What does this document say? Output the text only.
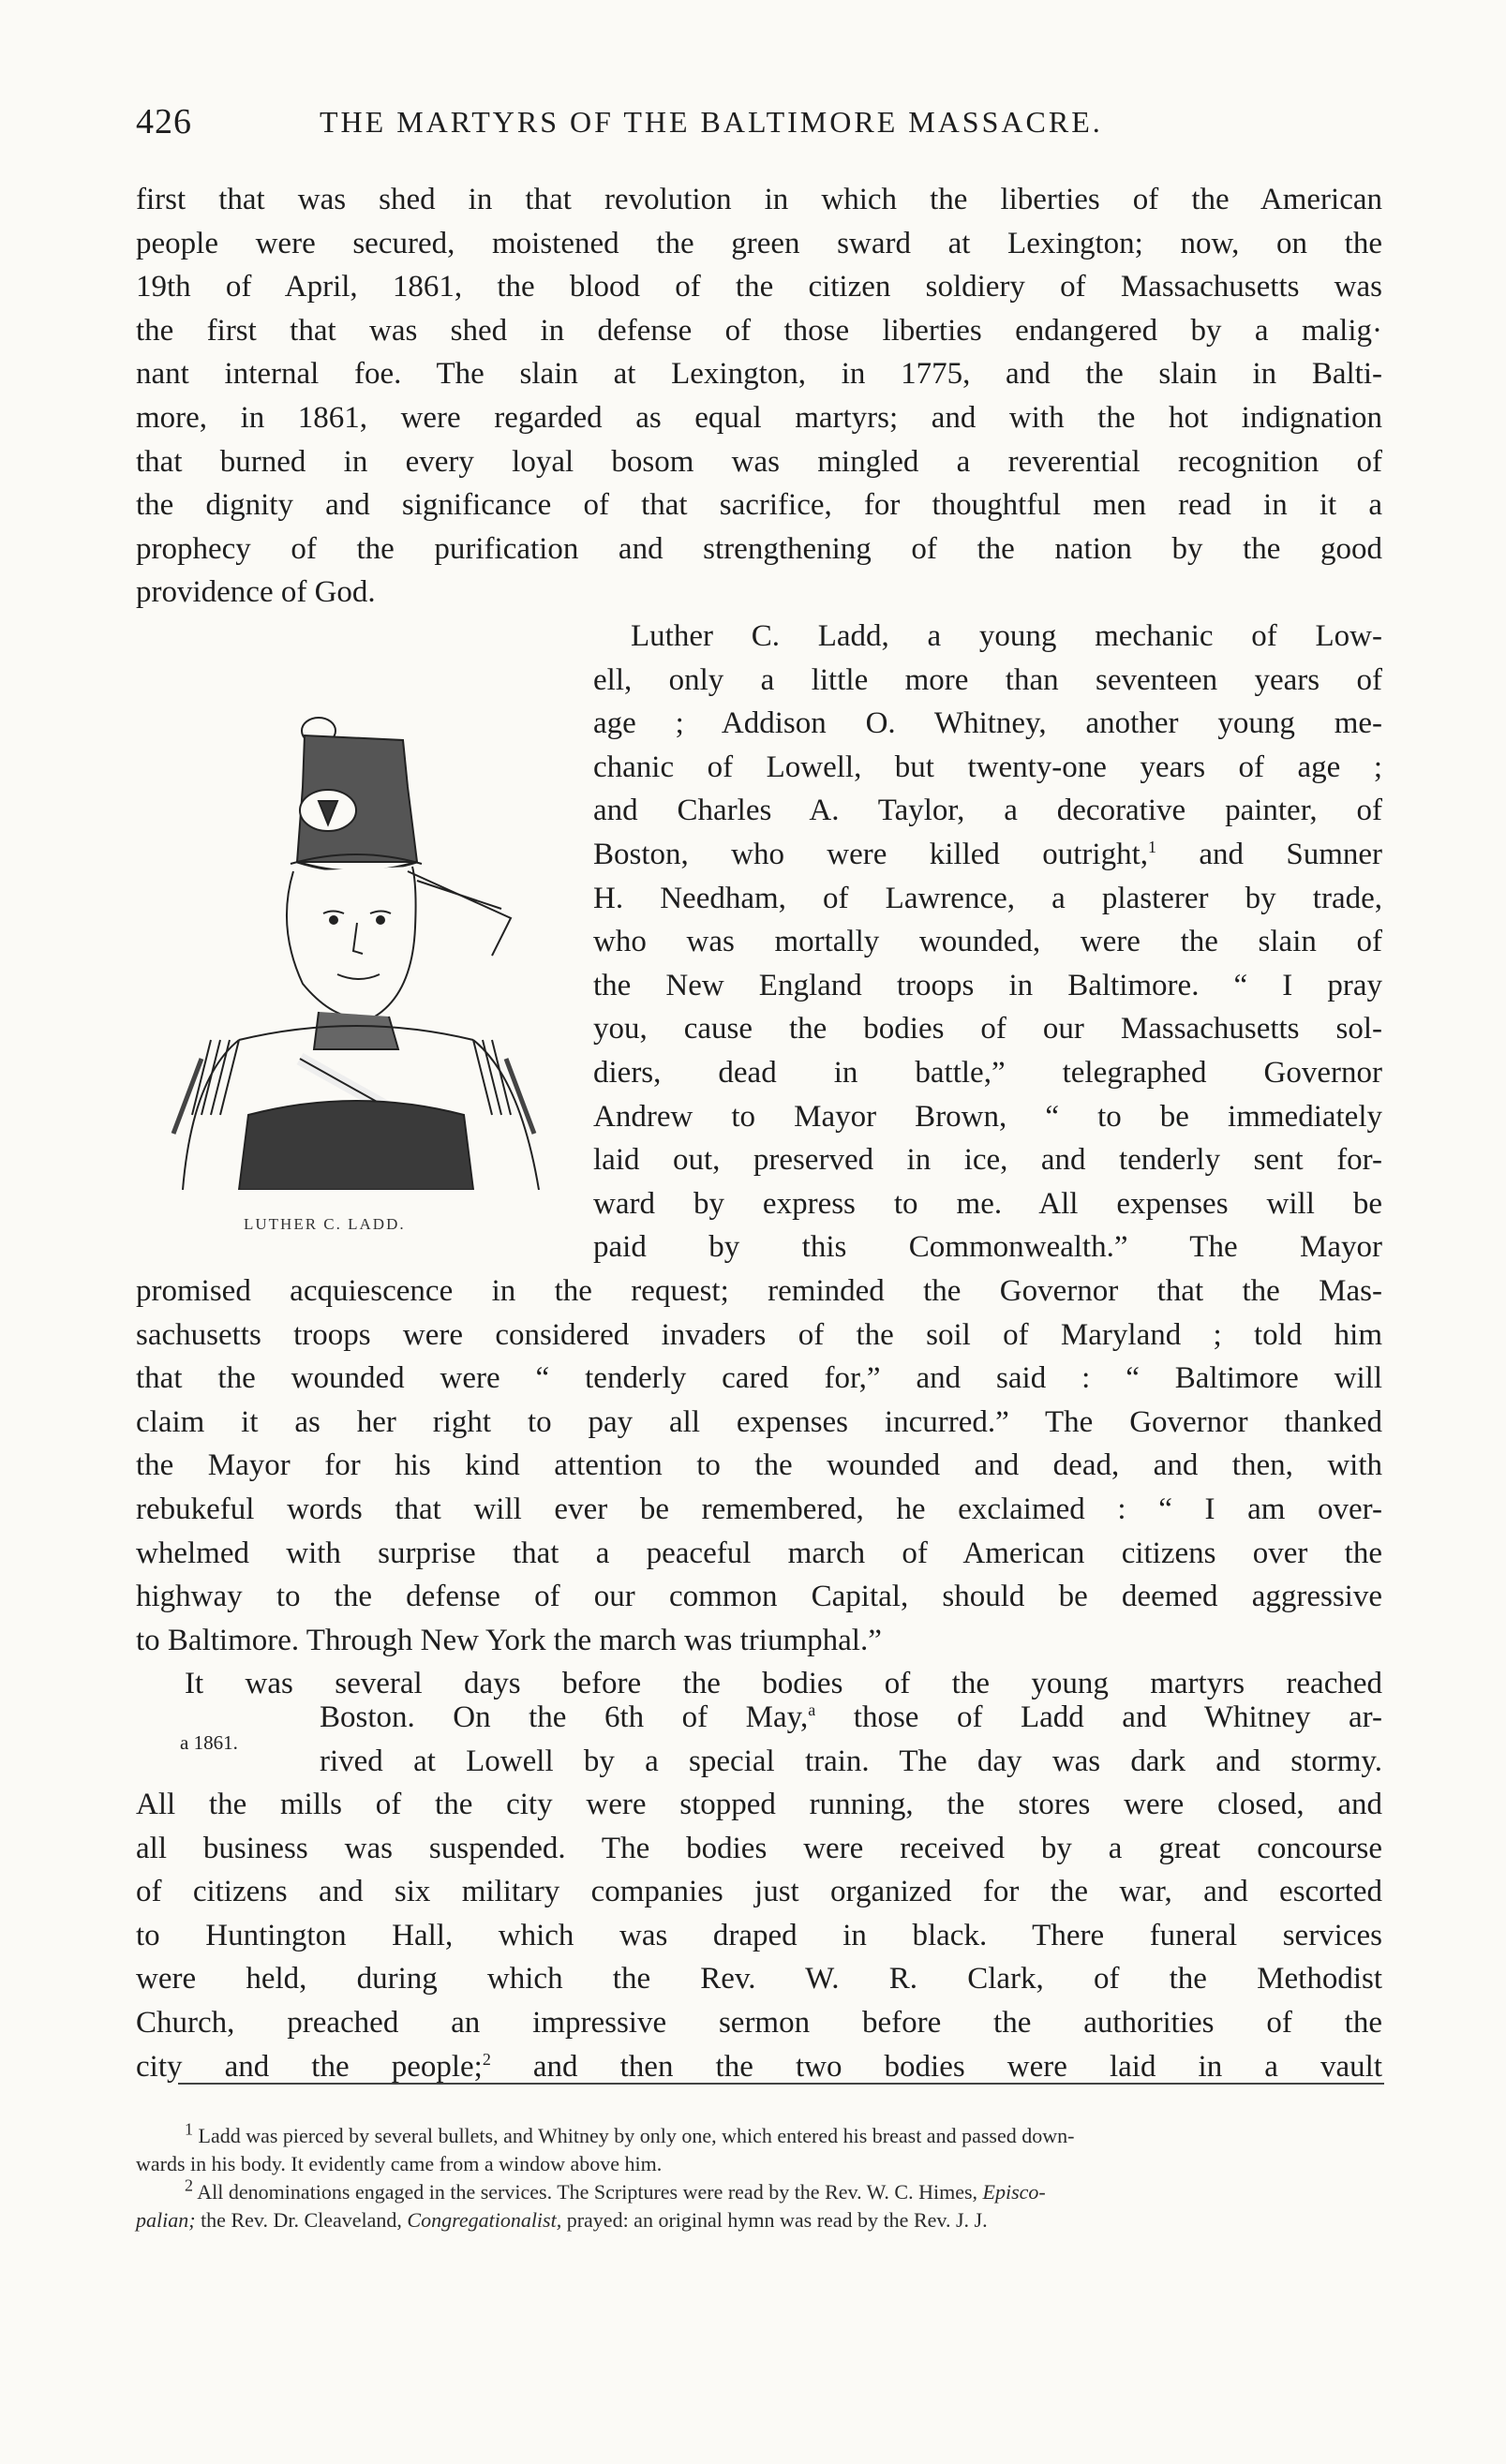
426	THE MARTYRS OF THE BALTIMORE MASSACRE.
first that was shed in that revolution in which the liberties of the American
people were secured, moistened the green sward at Lexington; now, on the
19th of April, 1861, the blood of the citizen soldiery of Massachusetts was
the first that was shed in defense of those liberties endangered by a malig·
nant internal foe. The slain at Lexington, in 1775, and the slain in Balti-
more, in 1861, were regarded as equal martyrs; and with the hot indignation
that burned in every loyal bosom was mingled a reverential recognition of
the dignity and significance of that sacrifice, for thoughtful men read in it a
prophecy of the purification and strengthening of the nation by the good
providence of God.
LUTHER C. LADD.
Luther C. Ladd, a young mechanic of Low-
ell, only a little more than seventeen years of
age ; Addison O. Whitney, another young me-
chanic of Lowell, but twenty-one years of age ;
and Charles A. Taylor, a decorative painter, of
Boston, who were killed outright,$^1$ and Sumner
H. Needham, of Lawrence, a plasterer by trade,
who was mortally wounded, were the slain of
the New England troops in Baltimore. “ I pray
you, cause the bodies of our Massachusetts sol-
diers, dead in battle,” telegraphed Governor
Andrew to Mayor Brown, “ to be immediately
laid out, preserved in ice, and tenderly sent for-
ward by express to me. All expenses will be
paid by this Commonwealth.” The Mayor
promised acquiescence in the request; reminded the Governor that the Mas-
sachusetts troops were considered invaders of the soil of Maryland ; told him
that the wounded were “ tenderly cared for,” and said : “ Baltimore will
claim it as her right to pay all expenses incurred.” The Governor thanked
the Mayor for his kind attention to the wounded and dead, and then, with
rebukeful words that will ever be remembered, he exclaimed : “ I am over-
whelmed with surprise that a peaceful march of American citizens over the
highway to the defense of our common Capital, should be deemed aggressive
to Baltimore. Through New York the march was triumphal.”
It was several days before the bodies of the young martyrs reached
a 1861.
Boston. On the 6th of May,$^a$ those of Ladd and Whitney ar-
rived at Lowell by a special train. The day was dark and stormy.
All the mills of the city were stopped running, the stores were closed, and
all business was suspended. The bodies were received by a great concourse
of citizens and six military companies just organized for the war, and escorted
to Huntington Hall, which was draped in black. There funeral services
were held, during which the Rev. W. R. Clark, of the Methodist
Church, preached an impressive sermon before the authorities of the
city and the people;$^2$ and then the two bodies were laid in a vault
$^1$ Ladd was pierced by several bullets, and Whitney by only one, which entered his breast and passed down-
wards in his body. It evidently came from a window above him.
$^2$ All denominations engaged in the services. The Scriptures were read by the Rev. W. C. Himes, Episco-
palian; the Rev. Dr. Cleaveland, Congregationalist, prayed: an original hymn was read by the Rev. J. J.
